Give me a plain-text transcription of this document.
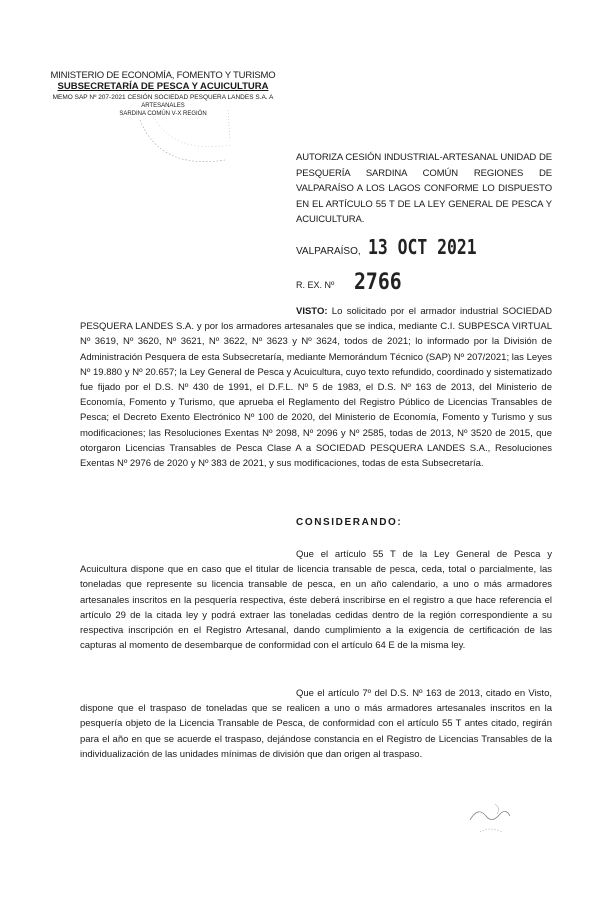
MINISTERIO DE ECONOMÍA, FOMENTO Y TURISMO
SUBSECRETARÍA DE PESCA Y ACUICULTURA
MEMO SAP Nº 207-2021 CESIÓN SOCIEDAD PESQUERA LANDES S.A. A
ARTESANALES
SARDINA COMÚN V-X REGIÓN
AUTORIZA CESIÓN INDUSTRIAL-ARTESANAL UNIDAD DE PESQUERÍA SARDINA COMÚN REGIONES DE VALPARAÍSO A LOS LAGOS CONFORME LO DISPUESTO EN EL ARTÍCULO 55 T DE LA LEY GENERAL DE PESCA Y ACUICULTURA.
VALPARAÍSO, 13 OCT 2021
R. EX. Nº 2766
VISTO: Lo solicitado por el armador industrial SOCIEDAD PESQUERA LANDES S.A. y por los armadores artesanales que se indica, mediante C.I. SUBPESCA VIRTUAL Nº 3619, Nº 3620, Nº 3621, Nº 3622, Nº 3623 y Nº 3624, todos de 2021; lo informado por la División de Administración Pesquera de esta Subsecretaría, mediante Memorándum Técnico (SAP) Nº 207/2021; las Leyes Nº 19.880 y Nº 20.657; la Ley General de Pesca y Acuicultura, cuyo texto refundido, coordinado y sistematizado fue fijado por el D.S. Nº 430 de 1991, el D.F.L. Nº 5 de 1983, el D.S. Nº 163 de 2013, del Ministerio de Economía, Fomento y Turismo, que aprueba el Reglamento del Registro Público de Licencias Transables de Pesca; el Decreto Exento Electrónico Nº 100 de 2020, del Ministerio de Economía, Fomento y Turismo y sus modificaciones; las Resoluciones Exentas Nº 2098, Nº 2096 y Nº 2585, todas de 2013, Nº 3520 de 2015, que otorgaron Licencias Transables de Pesca Clase A a SOCIEDAD PESQUERA LANDES S.A., Resoluciones Exentas Nº 2976 de 2020 y Nº 383 de 2021, y sus modificaciones, todas de esta Subsecretaría.
CONSIDERANDO:
Que el artículo 55 T de la Ley General de Pesca y Acuicultura dispone que en caso que el titular de licencia transable de pesca, ceda, total o parcialmente, las toneladas que represente su licencia transable de pesca, en un año calendario, a uno o más armadores artesanales inscritos en la pesquería respectiva, éste deberá inscribirse en el registro a que hace referencia el artículo 29 de la citada ley y podrá extraer las toneladas cedidas dentro de la región correspondiente a su respectiva inscripción en el Registro Artesanal, dando cumplimiento a la exigencia de certificación de las capturas al momento de desembarque de conformidad con el artículo 64 E de la misma ley.
Que el artículo 7º del D.S. Nº 163 de 2013, citado en Visto, dispone que el traspaso de toneladas que se realicen a uno o más armadores artesanales inscritos en la pesquería objeto de la Licencia Transable de Pesca, de conformidad con el artículo 55 T antes citado, regirán para el año en que se acuerde el traspaso, dejándose constancia en el Registro de Licencias Transables de la individualización de las unidades mínimas de división que dan origen al traspaso.
